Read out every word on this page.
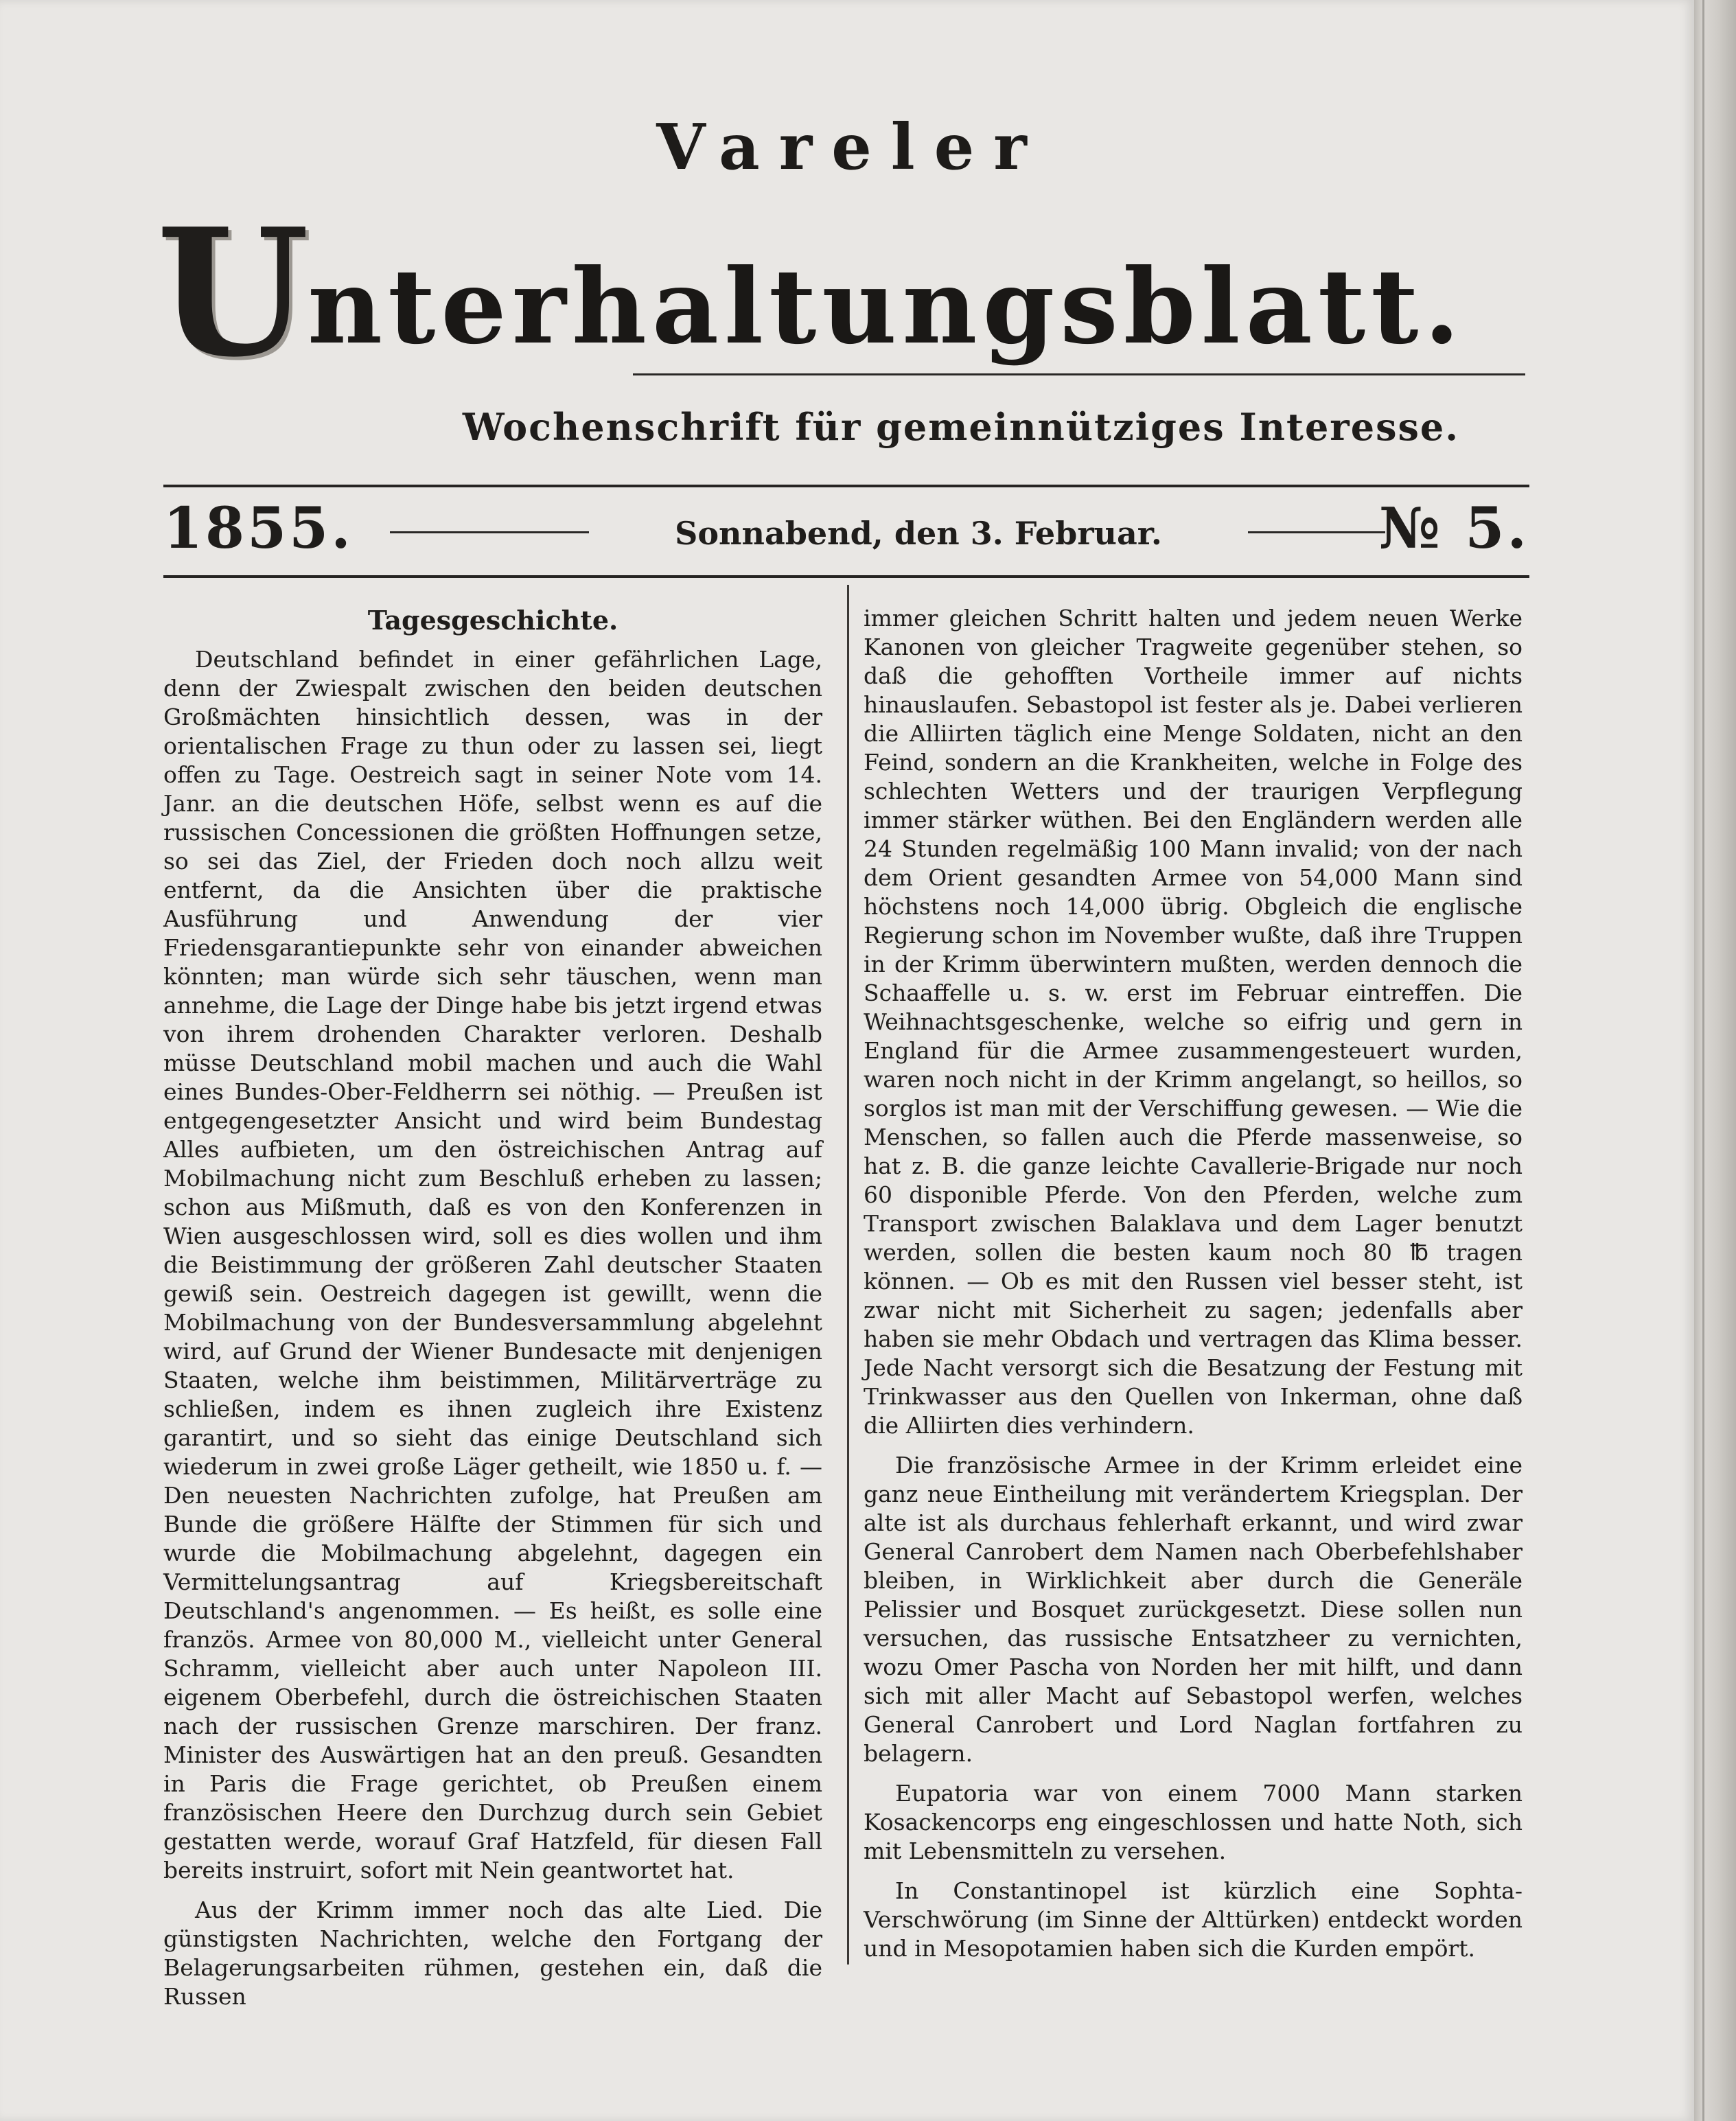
Vareler
U
nterhaltungsblatt.
Wochenschrift für gemeinnütziges Interesse.
1855.	Sonnabend, den 3. Februar.	№ 5.
Tagesgeschichte.

Deutschland befindet in einer gefährlichen Lage, denn der Zwiespalt zwischen den beiden deutschen Großmächten hinsichtlich dessen, was in der orientalischen Frage zu thun oder zu lassen sei, liegt offen zu Tage. Oestreich sagt in seiner Note vom 14. Janr. an die deutschen Höfe, selbst wenn es auf die russischen Concessionen die größten Hoffnungen setze, so sei das Ziel, der Frieden doch noch allzu weit entfernt, da die Ansichten über die praktische Ausführung und Anwendung der vier Friedensgarantiepunkte sehr von einander abweichen könnten; man würde sich sehr täuschen, wenn man annehme, die Lage der Dinge habe bis jetzt irgend etwas von ihrem drohenden Charakter verloren. Deshalb müsse Deutschland mobil machen und auch die Wahl eines Bundes-Ober-Feldherrn sei nöthig. — Preußen ist entgegengesetzter Ansicht und wird beim Bundestag Alles aufbieten, um den östreichischen Antrag auf Mobilmachung nicht zum Beschluß erheben zu lassen; schon aus Mißmuth, daß es von den Konferenzen in Wien ausgeschlossen wird, soll es dies wollen und ihm die Beistimmung der größeren Zahl deutscher Staaten gewiß sein. Oestreich dagegen ist gewillt, wenn die Mobilmachung von der Bundesversammlung abgelehnt wird, auf Grund der Wiener Bundesacte mit denjenigen Staaten, welche ihm beistimmen, Militärverträge zu schließen, indem es ihnen zugleich ihre Existenz garantirt, und so sieht das einige Deutschland sich wiederum in zwei große Läger getheilt, wie 1850 u. f. — Den neuesten Nachrichten zufolge, hat Preußen am Bunde die größere Hälfte der Stimmen für sich und wurde die Mobilmachung abgelehnt, dagegen ein Vermittelungsantrag auf Kriegsbereitschaft Deutschland's angenommen. — Es heißt, es solle eine französ. Armee von 80,000 M., vielleicht unter General Schramm, vielleicht aber auch unter Napoleon III. eigenem Oberbefehl, durch die östreichischen Staaten nach der russischen Grenze marschiren. Der franz. Minister des Auswärtigen hat an den preuß. Gesandten in Paris die Frage gerichtet, ob Preußen einem französischen Heere den Durchzug durch sein Gebiet gestatten werde, worauf Graf Hatzfeld, für diesen Fall bereits instruirt, sofort mit Nein geantwortet hat.

Aus der Krimm immer noch das alte Lied. Die günstigsten Nachrichten, welche den Fortgang der Belagerungsarbeiten rühmen, gestehen ein, daß die Russen

immer gleichen Schritt halten und jedem neuen Werke Kanonen von gleicher Tragweite gegenüber stehen, so daß die gehofften Vortheile immer auf nichts hinauslaufen. Sebastopol ist fester als je. Dabei verlieren die Alliirten täglich eine Menge Soldaten, nicht an den Feind, sondern an die Krankheiten, welche in Folge des schlechten Wetters und der traurigen Verpflegung immer stärker wüthen. Bei den Engländern werden alle 24 Stunden regelmäßig 100 Mann invalid; von der nach dem Orient gesandten Armee von 54,000 Mann sind höchstens noch 14,000 übrig. Obgleich die englische Regierung schon im November wußte, daß ihre Truppen in der Krimm überwintern mußten, werden dennoch die Schaaffelle u. s. w. erst im Februar eintreffen. Die Weihnachtsgeschenke, welche so eifrig und gern in England für die Armee zusammengesteuert wurden, waren noch nicht in der Krimm angelangt, so heillos, so sorglos ist man mit der Verschiffung gewesen. — Wie die Menschen, so fallen auch die Pferde massenweise, so hat z. B. die ganze leichte Cavallerie-Brigade nur noch 60 disponible Pferde. Von den Pferden, welche zum Transport zwischen Balaklava und dem Lager benutzt werden, sollen die besten kaum noch 80 ℔ tragen können. — Ob es mit den Russen viel besser steht, ist zwar nicht mit Sicherheit zu sagen; jedenfalls aber haben sie mehr Obdach und vertragen das Klima besser. Jede Nacht versorgt sich die Besatzung der Festung mit Trinkwasser aus den Quellen von Inkerman, ohne daß die Alliirten dies verhindern.

Die französische Armee in der Krimm erleidet eine ganz neue Eintheilung mit verändertem Kriegsplan. Der alte ist als durchaus fehlerhaft erkannt, und wird zwar General Canrobert dem Namen nach Oberbefehlshaber bleiben, in Wirklichkeit aber durch die Generäle Pelissier und Bosquet zurückgesetzt. Diese sollen nun versuchen, das russische Entsatzheer zu vernichten, wozu Omer Pascha von Norden her mit hilft, und dann sich mit aller Macht auf Sebastopol werfen, welches General Canrobert und Lord Naglan fortfahren zu belagern.

Eupatoria war von einem 7000 Mann starken Kosackencorps eng eingeschlossen und hatte Noth, sich mit Lebensmitteln zu versehen.

In Constantinopel ist kürzlich eine Sophta-Verschwörung (im Sinne der Alttürken) entdeckt worden und in Mesopotamien haben sich die Kurden empört.
